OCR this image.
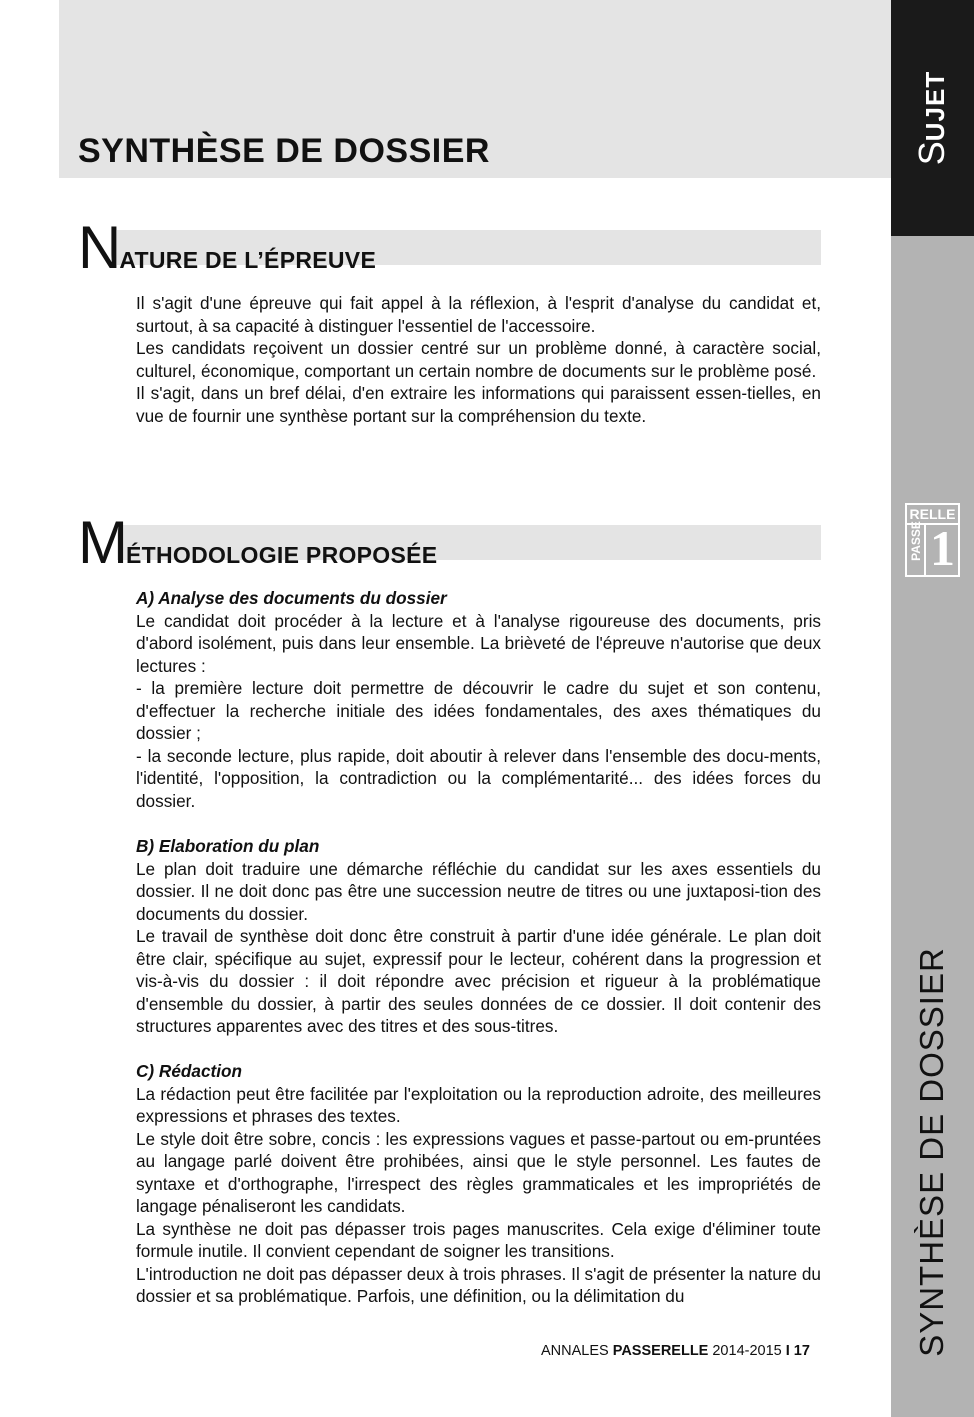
SYNTHÈSE DE DOSSIER	SUJET
RELLE
PASSE 1
SYNTHÈSE DE DOSSIER
NATURE DE L’ÉPREUVE
Il s'agit d'une épreuve qui fait appel à la réflexion, à l'esprit d'analyse du candidat et, surtout, à sa capacité à distinguer l'essentiel de l'accessoire.
Les candidats reçoivent un dossier centré sur un problème donné, à caractère social, culturel, économique, comportant un certain nombre de documents sur le problème posé.
Il s'agit, dans un bref délai, d'en extraire les informations qui paraissent essen-tielles, en vue de fournir une synthèse portant sur la compréhension du texte.
MÉTHODOLOGIE PROPOSÉE
A) Analyse des documents du dossier
Le candidat doit procéder à la lecture et à l'analyse rigoureuse des documents, pris d'abord isolément, puis dans leur ensemble. La brièveté de l'épreuve n'autorise que deux lectures :
- la première lecture doit permettre de découvrir le cadre du sujet et son contenu, d'effectuer la recherche initiale des idées fondamentales, des axes thématiques du dossier ;
- la seconde lecture, plus rapide, doit aboutir à relever dans l'ensemble des docu-ments, l'identité, l'opposition, la contradiction ou la complémentarité... des idées forces du dossier.
B) Elaboration du plan
Le plan doit traduire une démarche réfléchie du candidat sur les axes essentiels du dossier. Il ne doit donc pas être une succession neutre de titres ou une juxtaposi-tion des documents du dossier.
Le travail de synthèse doit donc être construit à partir d'une idée générale. Le plan doit être clair, spécifique au sujet, expressif pour le lecteur, cohérent dans la progression et vis-à-vis du dossier : il doit répondre avec précision et rigueur à la problématique d'ensemble du dossier, à partir des seules données de ce dossier. Il doit contenir des structures apparentes avec des titres et des sous-titres.
C) Rédaction
La rédaction peut être facilitée par l'exploitation ou la reproduction adroite, des meilleures expressions et phrases des textes.
Le style doit être sobre, concis : les expressions vagues et passe-partout ou em-pruntées au langage parlé doivent être prohibées, ainsi que le style personnel. Les fautes de syntaxe et d'orthographe, l'irrespect des règles grammaticales et les impropriétés de langage pénaliseront les candidats.
La synthèse ne doit pas dépasser trois pages manuscrites. Cela exige d'éliminer toute formule inutile. Il convient cependant de soigner les transitions.
L'introduction ne doit pas dépasser deux à trois phrases. Il s'agit de présenter la nature du dossier et sa problématique. Parfois, une définition, ou la délimitation du
ANNALES PASSERELLE 2014-2015 I 17
